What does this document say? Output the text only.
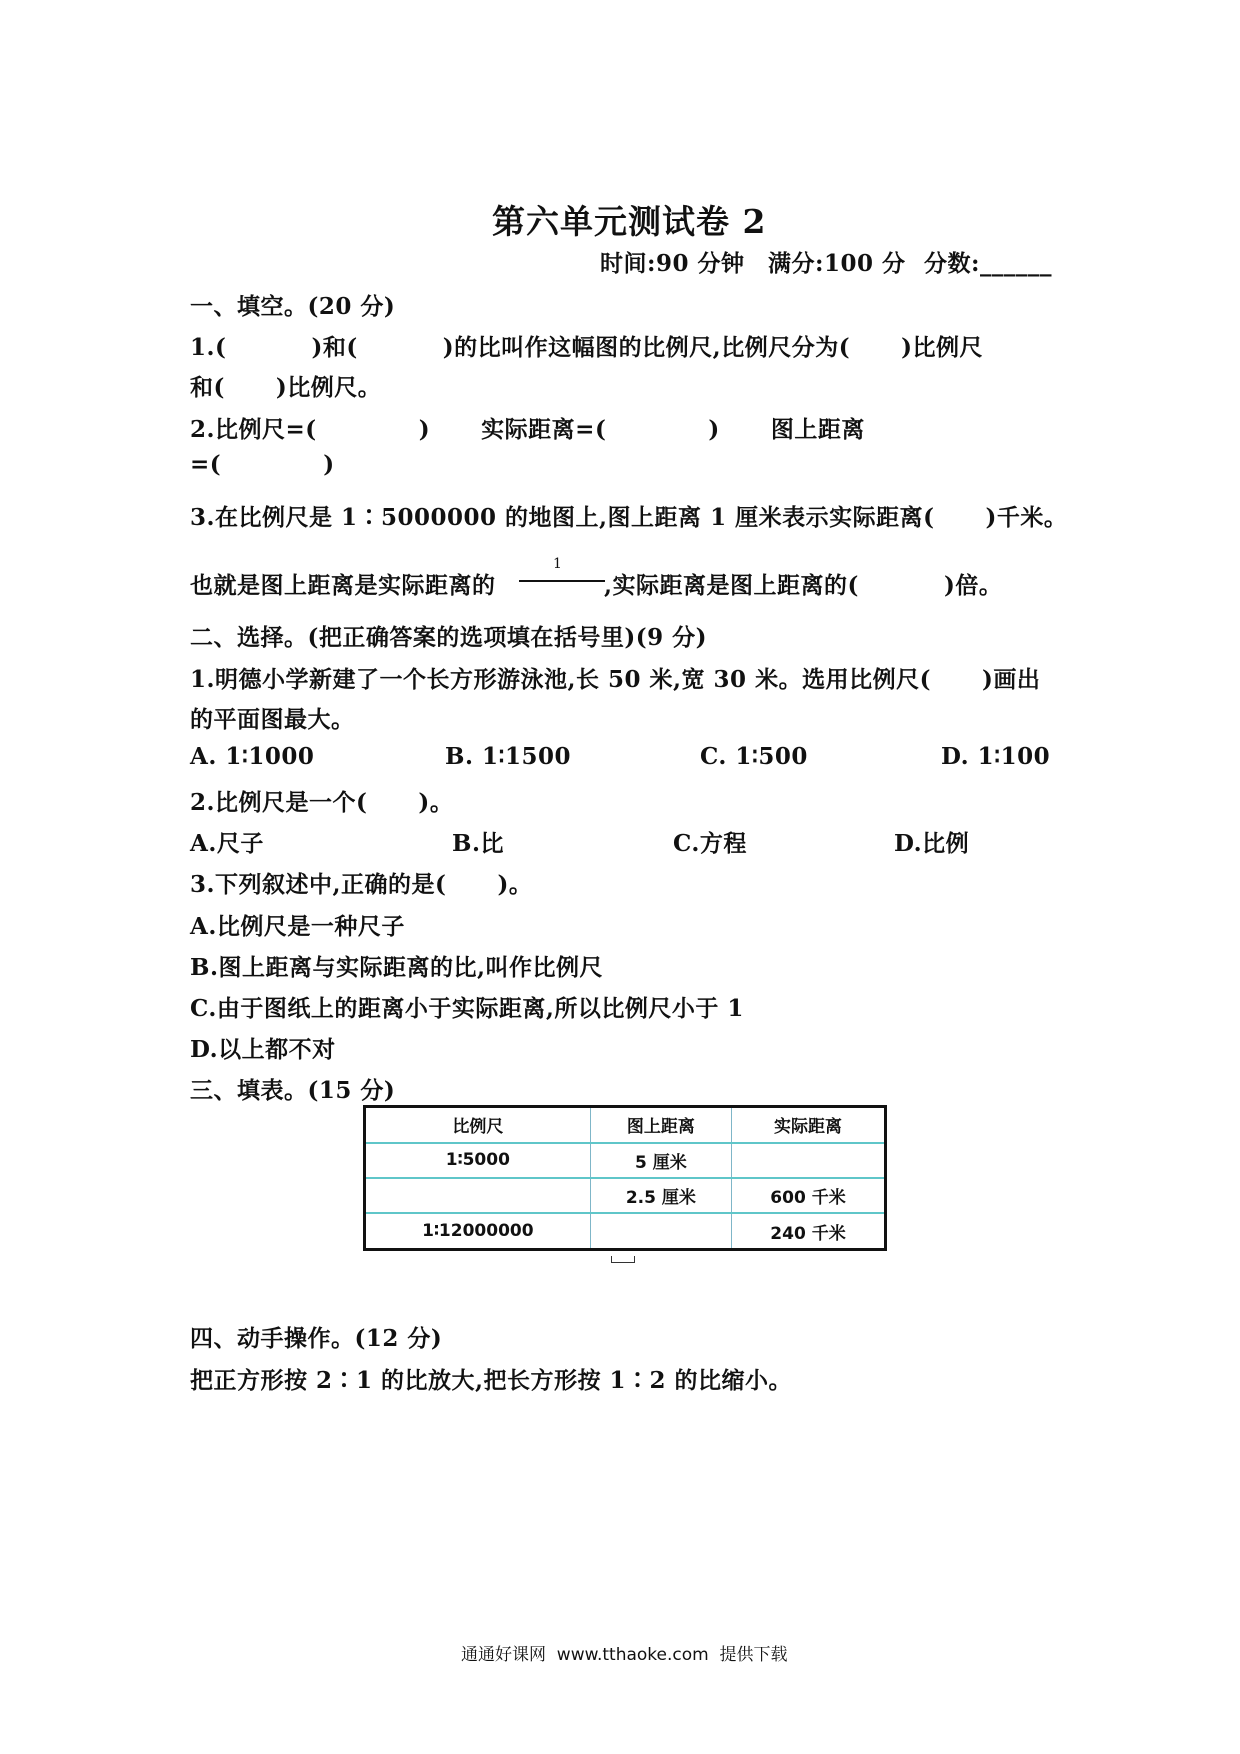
第六单元测试卷 2
时间:90 分钟 满分:100 分 分数:______
一、填空。(20 分)
1.(          )和(          )的比叫作这幅图的比例尺,比例尺分为(      )比例尺
和(      )比例尺。
2.比例尺=(            )      实际距离=(            )      图上距离
=(            )
3.在比例尺是 1∶5000000 的地图上,图上距离 1 厘米表示实际距离(      )千米。
也就是图上距离是实际距离的
1
,实际距离是图上距离的(          )倍。
二、选择。(把正确答案的选项填在括号里)(9 分)
1.明德小学新建了一个长方形游泳池,长 50 米,宽 30 米。选用比例尺(      )画出
的平面图最大。
A. 1∶1000	B. 1∶1500	C. 1∶500	D. 1∶100
2.比例尺是一个(      )。
A.尺子	B.比	C.方程	D.比例
3.下列叙述中,正确的是(      )。
A.比例尺是一种尺子
B.图上距离与实际距离的比,叫作比例尺
C.由于图纸上的距离小于实际距离,所以比例尺小于 1
D.以上都不对
三、填表。(15 分)
比例尺	图上距离	实际距离
1∶5000	5 厘米	
	2.5 厘米	600 千米
1∶12000000		240 千米
四、动手操作。(12 分)
把正方形按 2∶1 的比放大,把长方形按 1∶2 的比缩小。
通通好课网  www.tthaoke.com  提供下载
